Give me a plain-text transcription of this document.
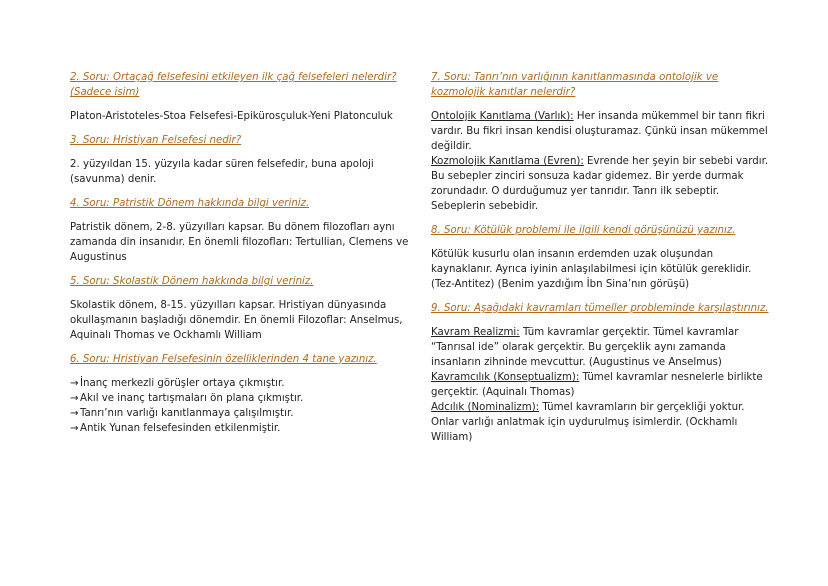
2. Soru: Ortaçağ felsefesini etkileyen ilk çağ felsefeleri nelerdir? (Sadece isim)

Platon-Aristoteles-Stoa Felsefesi-Epikürosçuluk-Yeni Platonculuk

3. Soru: Hristiyan Felsefesi nedir?

2. yüzyıldan 15. yüzyıla kadar süren felsefedir, buna apoloji (savunma) denir.

4. Soru: Patristik Dönem hakkında bilgi veriniz.

Patristik dönem, 2-8. yüzyılları kapsar. Bu dönem filozofları aynı zamanda din insanıdır. En önemli filozofları: Tertullian, Clemens ve Augustinus

5. Soru: Skolastik Dönem hakkında bilgi veriniz.

Skolastik dönem, 8-15. yüzyılları kapsar. Hristiyan dünyasında okullaşmanın başladığı dönemdir. En önemli Filozoflar: Anselmus, Aquinalı Thomas ve Ockhamlı William

6. Soru: Hristiyan Felsefesinin özelliklerinden 4 tane yazınız.

→İnanç merkezli görüşler ortaya çıkmıştır.

→Akıl ve inanç tartışmaları ön plana çıkmıştır.

→Tanrı’nın varlığı kanıtlanmaya çalışılmıştır.

→Antik Yunan felsefesinden etkilenmiştir.

7. Soru: Tanrı’nın varlığının kanıtlanmasında ontolojik ve kozmolojik kanıtlar nelerdir?

Ontolojik Kanıtlama (Varlık): Her insanda mükemmel bir tanrı fikri vardır. Bu fikri insan kendisi oluşturamaz. Çünkü insan mükemmel değildir.

Kozmolojik Kanıtlama (Evren): Evrende her şeyin bir sebebi vardır. Bu sebepler zinciri sonsuza kadar gidemez. Bir yerde durmak zorundadır. O durduğumuz yer tanrıdır. Tanrı ilk sebeptir. Sebeplerin sebebidir.

8. Soru: Kötülük problemi ile ilgili kendi görüşünüzü yazınız.

Kötülük kusurlu olan insanın erdemden uzak oluşundan kaynaklanır. Ayrıca iyinin anlaşılabilmesi için kötülük gereklidir. (Tez-Antitez) (Benim yazdığım İbn Sina’nın görüşü)

9. Soru: Aşağıdaki kavramları tümeller probleminde karşılaştırınız.

Kavram Realizmi: Tüm kavramlar gerçektir. Tümel kavramlar “Tanrısal ide” olarak gerçektir. Bu gerçeklik aynı zamanda insanların zihninde mevcuttur. (Augustinus ve Anselmus)

Kavramcılık (Konseptualizm): Tümel kavramlar nesnelerle birlikte gerçektir. (Aquinalı Thomas)

Adcılık (Nominalizm): Tümel kavramların bir gerçekliği yoktur. Onlar varlığı anlatmak için uydurulmuş isimlerdir. (Ockhamlı William)
